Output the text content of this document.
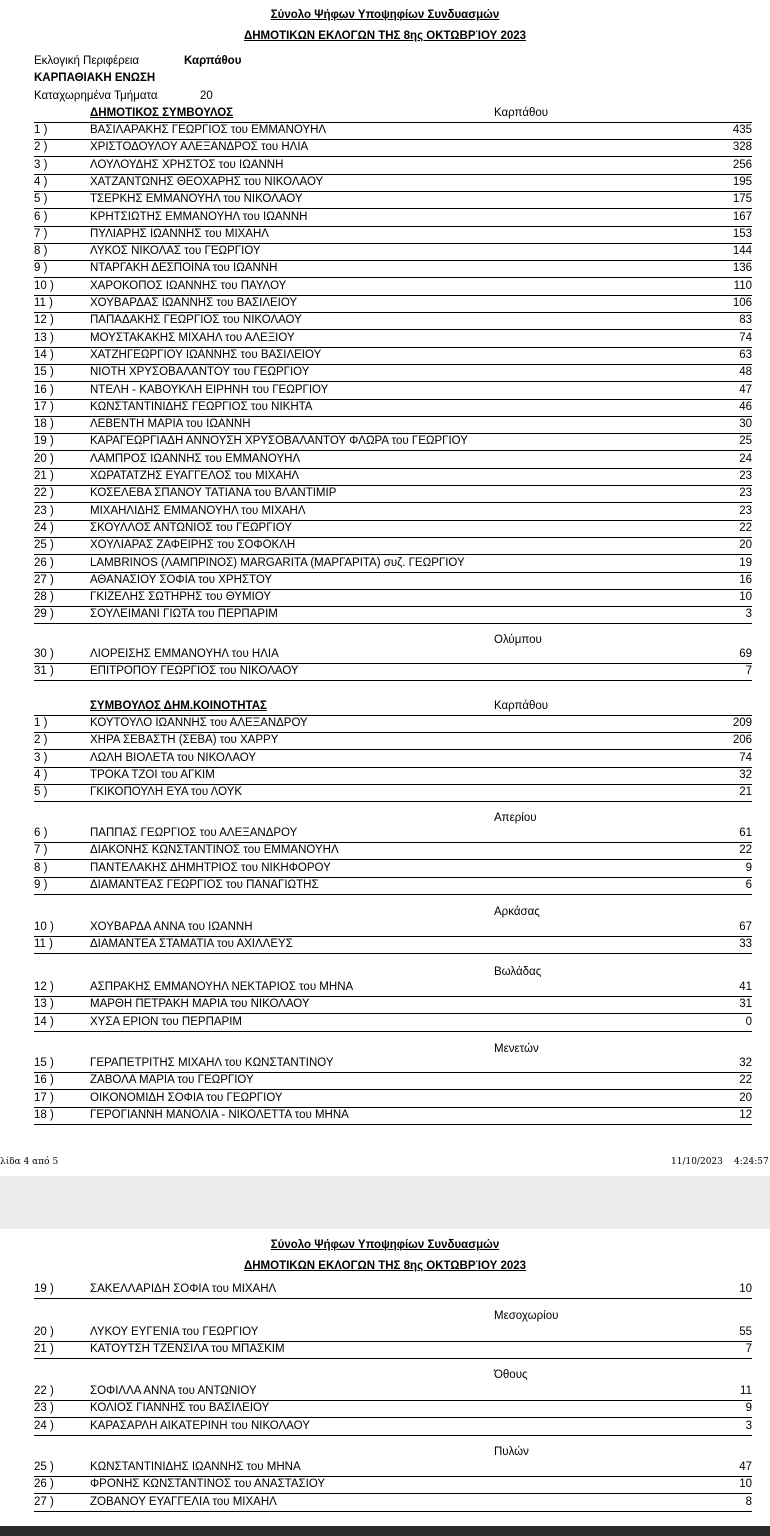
Σύνολο Ψήφων Υποψηφίων Συνδυασμών
ΔΗΜΟΤΙΚΩΝ ΕΚΛΟΓΩΝ ΤΗΣ 8ης ΟΚΤΩΒΡΊΟΥ 2023
Εκλογική Περιφέρεια	Καρπάθου
ΚΑΡΠΑΘΙΑΚΗ ΕΝΩΣΗ
Καταχωρημένα Τμήματα	20
ΔΗΜΟΤΙΚΟΣ ΣΥΜΒΟΥΛΟΣ	Καρπάθου
1 )	ΒΑΣΙΛΑΡΑΚΗΣ ΓΕΩΡΓΙΟΣ του ΕΜΜΑΝΟΥΗΛ	435
2 )	ΧΡΙΣΤΟΔΟΥΛΟΥ ΑΛΕΞΑΝΔΡΟΣ του ΗΛΙΑ	328
3 )	ΛΟΥΛΟΥΔΗΣ ΧΡΗΣΤΟΣ του ΙΩΑΝΝΗ	256
4 )	ΧΑΤΖΑΝΤΩΝΗΣ ΘΕΟΧΑΡΗΣ του ΝΙΚΟΛΑΟΥ	195
5 )	ΤΣΕΡΚΗΣ ΕΜΜΑΝΟΥΗΛ του ΝΙΚΟΛΑΟΥ	175
6 )	ΚΡΗΤΣΙΩΤΗΣ ΕΜΜΑΝΟΥΗΛ του ΙΩΑΝΝΗ	167
7 )	ΠΥΛΙΑΡΗΣ ΙΩΑΝΝΗΣ του ΜΙΧΑΗΛ	153
8 )	ΛΥΚΟΣ ΝΙΚΟΛΑΣ του ΓΕΩΡΓΙΟΥ	144
9 )	ΝΤΑΡΓΑΚΗ ΔΕΣΠΟΙΝΑ του ΙΩΑΝΝΗ	136
10 )	ΧΑΡΟΚΟΠΟΣ ΙΩΑΝΝΗΣ του ΠΑΥΛΟΥ	110
11 )	ΧΟΥΒΑΡΔΑΣ ΙΩΑΝΝΗΣ του ΒΑΣΙΛΕΙΟΥ	106
12 )	ΠΑΠΑΔΑΚΗΣ ΓΕΩΡΓΙΟΣ του ΝΙΚΟΛΑΟΥ	83
13 )	ΜΟΥΣΤΑΚΑΚΗΣ ΜΙΧΑΗΛ του ΑΛΕΞΙΟΥ	74
14 )	ΧΑΤΖΗΓΕΩΡΓΙΟΥ ΙΩΑΝΝΗΣ του ΒΑΣΙΛΕΙΟΥ	63
15 )	ΝΙΟΤΗ ΧΡΥΣΟΒΑΛΑΝΤΟΥ του ΓΕΩΡΓΙΟΥ	48
16 )	ΝΤΕΛΗ - ΚΑΒΟΥΚΛΗ ΕΙΡΗΝΗ του ΓΕΩΡΓΙΟΥ	47
17 )	ΚΩΝΣΤΑΝΤΙΝΙΔΗΣ ΓΕΩΡΓΙΟΣ του ΝΙΚΗΤΑ	46
18 )	ΛΕΒΕΝΤΗ ΜΑΡΙΑ του ΙΩΑΝΝΗ	30
19 )	ΚΑΡΑΓΕΩΡΓΙΑΔΗ ΑΝΝΟΥΣΗ ΧΡΥΣΟΒΑΛΑΝΤΟΥ ΦΛΩΡΑ του ΓΕΩΡΓΙΟΥ	25
20 )	ΛΑΜΠΡΟΣ ΙΩΑΝΝΗΣ του ΕΜΜΑΝΟΥΗΛ	24
21 )	ΧΩΡΑΤΑΤΖΗΣ ΕΥΑΓΓΕΛΟΣ του ΜΙΧΑΗΛ	23
22 )	ΚΟΣΕΛΕΒΑ ΣΠΑΝΟΥ ΤΑΤΙΑΝΑ του ΒΛΑΝΤΙΜΙΡ	23
23 )	ΜΙΧΑΗΛΙΔΗΣ ΕΜΜΑΝΟΥΗΛ του ΜΙΧΑΗΛ	23
24 )	ΣΚΟΥΛΛΟΣ ΑΝΤΩΝΙΟΣ του ΓΕΩΡΓΙΟΥ	22
25 )	ΧΟΥΛΙΑΡΑΣ ΖΑΦΕΙΡΗΣ του ΣΟΦΟΚΛΗ	20
26 )	LAMBRINOS (ΛΑΜΠΡΙΝΟΣ) MARGARITA (ΜΑΡΓΑΡΙΤΑ) συζ. ΓΕΩΡΓΙΟΥ	19
27 )	ΑΘΑΝΑΣΙΟΥ ΣΟΦΙΑ του ΧΡΗΣΤΟΥ	16
28 )	ΓΚΙΖΕΛΗΣ ΣΩΤΗΡΗΣ του ΘΥΜΙΟΥ	10
29 )	ΣΟΥΛΕΙΜΑΝΙ ΓΙΩΤΑ του ΠΕΡΠΑΡΙΜ	3
Ολύμπου
30 )	ΛΙΟΡΕΙΣΗΣ ΕΜΜΑΝΟΥΗΛ του ΗΛΙΑ	69
31 )	ΕΠΙΤΡΟΠΟΥ ΓΕΩΡΓΙΟΣ του ΝΙΚΟΛΑΟΥ	7
ΣΥΜΒΟΥΛΟΣ ΔΗΜ.ΚΟΙΝΟΤΗΤΑΣ	Καρπάθου
1 )	ΚΟΥΤΟΥΛΟ ΙΩΑΝΝΗΣ του ΑΛΕΞΑΝΔΡΟΥ	209
2 )	ΧΗΡΑ ΣΕΒΑΣΤΗ (ΣΕΒΑ) του ΧΑΡΡΥ	206
3 )	ΛΩΛΗ ΒΙΟΛΕΤΑ του ΝΙΚΟΛΑΟΥ	74
4 )	ΤΡΟΚΑ ΤΖΟΙ του ΑΓΚΙΜ	32
5 )	ΓΚΙΚΟΠΟΥΛΗ ΕΥΑ του ΛΟΥΚ	21
Απερίου
6 )	ΠΑΠΠΑΣ ΓΕΩΡΓΙΟΣ του ΑΛΕΞΑΝΔΡΟΥ	61
7 )	ΔΙΑΚΟΝΗΣ ΚΩΝΣΤΑΝΤΙΝΟΣ του ΕΜΜΑΝΟΥΗΛ	22
8 )	ΠΑΝΤΕΛΑΚΗΣ ΔΗΜΗΤΡΙΟΣ του ΝΙΚΗΦΟΡΟΥ	9
9 )	ΔΙΑΜΑΝΤΕΑΣ ΓΕΩΡΓΙΟΣ του ΠΑΝΑΓΙΩΤΗΣ	6
Αρκάσας
10 )	ΧΟΥΒΑΡΔΑ ΑΝΝΑ του ΙΩΑΝΝΗ	67
11 )	ΔΙΑΜΑΝΤΕΑ ΣΤΑΜΑΤΙΑ του ΑΧΙΛΛΕΥΣ	33
Βωλάδας
12 )	ΑΣΠΡΑΚΗΣ ΕΜΜΑΝΟΥΗΛ ΝΕΚΤΑΡΙΟΣ του ΜΗΝΑ	41
13 )	ΜΑΡΘΗ ΠΕΤΡΑΚΗ ΜΑΡΙΑ του ΝΙΚΟΛΑΟΥ	31
14 )	ΧΥΣΑ ΕΡΙΟΝ του ΠΕΡΠΑΡΙΜ	0
Μενετών
15 )	ΓΕΡΑΠΕΤΡΙΤΗΣ ΜΙΧΑΗΛ του ΚΩΝΣΤΑΝΤΙΝΟΥ	32
16 )	ΖΑΒΟΛΑ ΜΑΡΙΑ του ΓΕΩΡΓΙΟΥ	22
17 )	ΟΙΚΟΝΟΜΙΔΗ ΣΟΦΙΑ του ΓΕΩΡΓΙΟΥ	20
18 )	ΓΕΡΟΓΙΑΝΝΗ ΜΑΝΟΛΙΑ - ΝΙΚΟΛΕΤΤΑ του ΜΗΝΑ	12
λίδα 4 από 5	11/10/2023 4:24:57
Σύνολο Ψήφων Υποψηφίων Συνδυασμών
ΔΗΜΟΤΙΚΩΝ ΕΚΛΟΓΩΝ ΤΗΣ 8ης ΟΚΤΩΒΡΊΟΥ 2023
19 )	ΣΑΚΕΛΛΑΡΙΔΗ ΣΟΦΙΑ του ΜΙΧΑΗΛ	10
Μεσοχωρίου
20 )	ΛΥΚΟΥ ΕΥΓΕΝΙΑ του ΓΕΩΡΓΙΟΥ	55
21 )	ΚΑΤΟΥΤΣΗ ΤΖΕΝΣΙΛΑ του ΜΠΑΣΚΙΜ	7
Όθους
22 )	ΣΟΦΙΛΛΑ ΑΝΝΑ του ΑΝΤΩΝΙΟΥ	11
23 )	ΚΟΛΙΟΣ ΓΙΑΝΝΗΣ του ΒΑΣΙΛΕΙΟΥ	9
24 )	ΚΑΡΑΣΑΡΛΗ ΑΙΚΑΤΕΡΙΝΗ του ΝΙΚΟΛΑΟΥ	3
Πυλών
25 )	ΚΩΝΣΤΑΝΤΙΝΙΔΗΣ ΙΩΑΝΝΗΣ του ΜΗΝΑ	47
26 )	ΦΡΟΝΗΣ ΚΩΝΣΤΑΝΤΙΝΟΣ του ΑΝΑΣΤΑΣΙΟΥ	10
27 )	ΖΟΒΑΝΟΥ ΕΥΑΓΓΕΛΙΑ του ΜΙΧΑΗΛ	8
